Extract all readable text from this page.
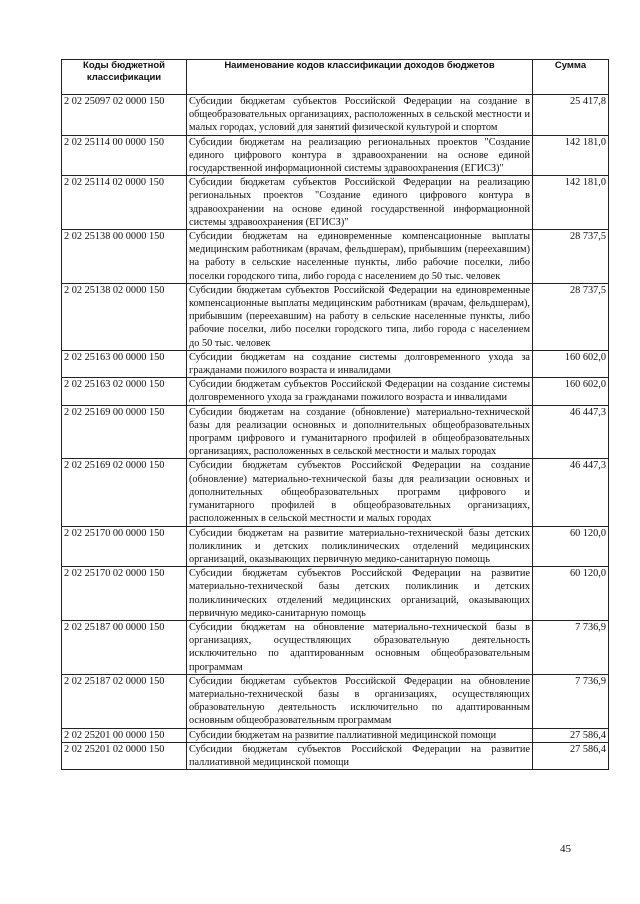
Коды бюджетной классификации	Наименование кодов классификации доходов бюджетов	Сумма
2 02 25097 02 0000 150	Субсидии бюджетам субъектов Российской Федерации на создание в общеобразовательных организациях, расположенных в сельской местности и малых городах, условий для занятий физической культурой и спортом	25 417,8
2 02 25114 00 0000 150	Субсидии бюджетам на реализацию региональных проектов "Создание единого цифрового контура в здравоохранении на основе единой государственной информационной системы здравоохранения (ЕГИСЗ)"	142 181,0
2 02 25114 02 0000 150	Субсидии бюджетам субъектов Российской Федерации на реализацию региональных проектов "Создание единого цифрового контура в здравоохранении на основе единой государственной информационной системы здравоохранения (ЕГИСЗ)"	142 181,0
2 02 25138 00 0000 150	Субсидии бюджетам на единовременные компенсационные выплаты медицинским работникам (врачам, фельдшерам), прибывшим (переехавшим) на работу в сельские населенные пункты, либо рабочие поселки, либо поселки городского типа, либо города с населением до 50 тыс. человек	28 737,5
2 02 25138 02 0000 150	Субсидии бюджетам субъектов Российской Федерации на единовременные компенсационные выплаты медицинским работникам (врачам, фельдшерам), прибывшим (переехавшим) на работу в сельские населенные пункты, либо рабочие поселки, либо поселки городского типа, либо города с населением до 50 тыс. человек	28 737,5
2 02 25163 00 0000 150	Субсидии бюджетам на создание системы долговременного ухода за гражданами пожилого возраста и инвалидами	160 602,0
2 02 25163 02 0000 150	Субсидии бюджетам субъектов Российской Федерации на создание системы долговременного ухода за гражданами пожилого возраста и инвалидами	160 602,0
2 02 25169 00 0000 150	Субсидии бюджетам на создание (обновление) материально-технической базы для реализации основных и дополнительных общеобразовательных программ цифрового и гуманитарного профилей в общеобразовательных организациях, расположенных в сельской местности и малых городах	46 447,3
2 02 25169 02 0000 150	Субсидии бюджетам субъектов Российской Федерации на создание (обновление) материально-технической базы для реализации основных и дополнительных общеобразовательных программ цифрового и гуманитарного профилей в общеобразовательных организациях, расположенных в сельской местности и малых городах	46 447,3
2 02 25170 00 0000 150	Субсидии бюджетам на развитие материально-технической базы детских поликлиник и детских поликлинических отделений медицинских организаций, оказывающих первичную медико-санитарную помощь	60 120,0
2 02 25170 02 0000 150	Субсидии бюджетам субъектов Российской Федерации на развитие материально-технической базы детских поликлиник и детских поликлинических отделений медицинских организаций, оказывающих первичную медико-санитарную помощь	60 120,0
2 02 25187 00 0000 150	Субсидии бюджетам на обновление материально-технической базы в организациях, осуществляющих образовательную деятельность исключительно по адаптированным основным общеобразовательным программам	7 736,9
2 02 25187 02 0000 150	Субсидии бюджетам субъектов Российской Федерации на обновление материально-технической базы в организациях, осуществляющих образовательную деятельность исключительно по адаптированным основным общеобразовательным программам	7 736,9
2 02 25201 00 0000 150	Субсидии бюджетам на развитие паллиативной медицинской помощи	27 586,4
2 02 25201 02 0000 150	Субсидии бюджетам субъектов Российской Федерации на развитие паллиативной медицинской помощи	27 586,4
45
